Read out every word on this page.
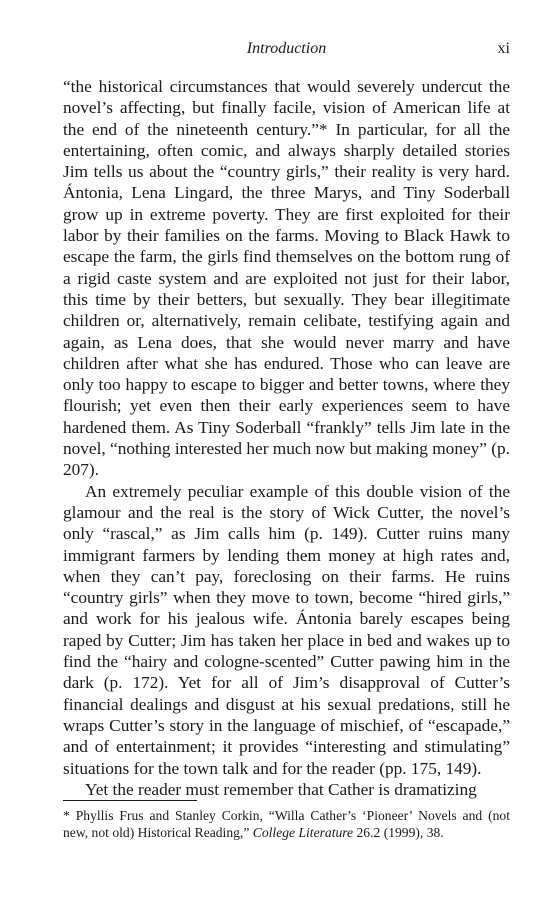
Introduction	xi

“the historical circumstances that would severely undercut the novel’s affecting, but finally facile, vision of American life at the end of the nineteenth century.”* In particular, for all the entertaining, often comic, and always sharply detailed stories Jim tells us about the “country girls,” their reality is very hard. Ántonia, Lena Lingard, the three Marys, and Tiny Soderball grow up in extreme poverty. They are first exploited for their labor by their families on the farms. Moving to Black Hawk to escape the farm, the girls find themselves on the bottom rung of a rigid caste system and are exploited not just for their labor, this time by their betters, but sexually. They bear illegitimate children or, alternatively, remain celibate, testifying again and again, as Lena does, that she would never marry and have children after what she has endured. Those who can leave are only too happy to escape to bigger and better towns, where they flourish; yet even then their early experiences seem to have hardened them. As Tiny Soderball “frankly” tells Jim late in the novel, “nothing interested her much now but making money” (p. 207).

An extremely peculiar example of this double vision of the glamour and the real is the story of Wick Cutter, the novel’s only “rascal,” as Jim calls him (p. 149). Cutter ruins many immigrant farmers by lending them money at high rates and, when they can’t pay, foreclosing on their farms. He ruins “country girls” when they move to town, become “hired girls,” and work for his jealous wife. Ántonia barely escapes being raped by Cutter; Jim has taken her place in bed and wakes up to find the “hairy and cologne-scented” Cutter pawing him in the dark (p. 172). Yet for all of Jim’s disapproval of Cutter’s financial dealings and disgust at his sexual predations, still he wraps Cutter’s story in the language of mischief, of “escapade,” and of entertainment; it provides “interesting and stimulating” situations for the town talk and for the reader (pp. 175, 149).

Yet the reader must remember that Cather is dramatizing

* Phyllis Frus and Stanley Corkin, “Willa Cather’s ‘Pioneer’ Novels and (not new, not old) Historical Reading,” College Literature 26.2 (1999), 38.
